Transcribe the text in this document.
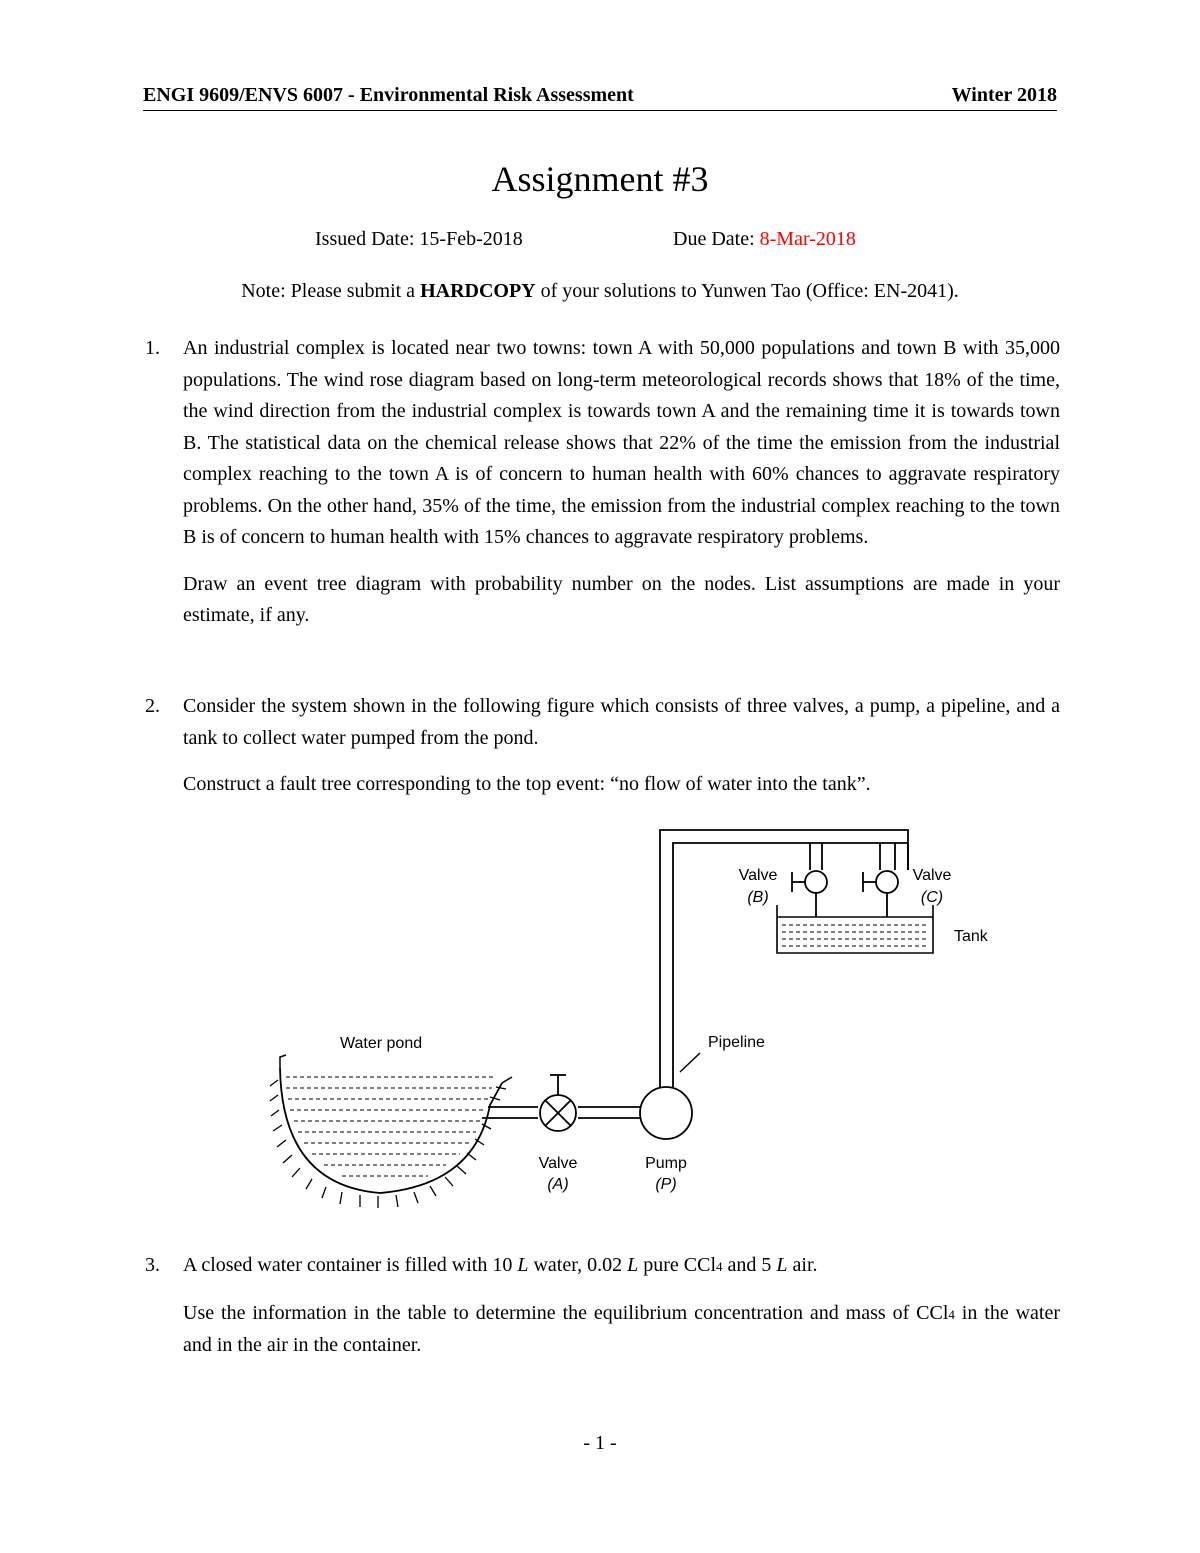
ENGI 9609/ENVS 6007 - Environmental Risk Assessment	Winter 2018
Assignment #3
Issued Date: 15-Feb-2018	Due Date: 8-Mar-2018
Note: Please submit a HARDCOPY of your solutions to Yunwen Tao (Office: EN-2041).
1. An industrial complex is located near two towns: town A with 50,000 populations and town B with 35,000 populations. The wind rose diagram based on long-term meteorological records shows that 18% of the time, the wind direction from the industrial complex is towards town A and the remaining time it is towards town B. The statistical data on the chemical release shows that 22% of the time the emission from the industrial complex reaching to the town A is of concern to human health with 60% chances to aggravate respiratory problems. On the other hand, 35% of the time, the emission from the industrial complex reaching to the town B is of concern to human health with 15% chances to aggravate respiratory problems.
Draw an event tree diagram with probability number on the nodes. List assumptions are made in your estimate, if any.
2. Consider the system shown in the following figure which consists of three valves, a pump, a pipeline, and a tank to collect water pumped from the pond.
Construct a fault tree corresponding to the top event: “no flow of water into the tank”.
Valve
(B)
Valve
(C)
Tank
Water pond	Pipeline
Valve
(A)
Pump
(P)
3. A closed water container is filled with 10 L water, 0.02 L pure CCl4 and 5 L air.
Use the information in the table to determine the equilibrium concentration and mass of CCl4 in the water and in the air in the container.
- 1 -
